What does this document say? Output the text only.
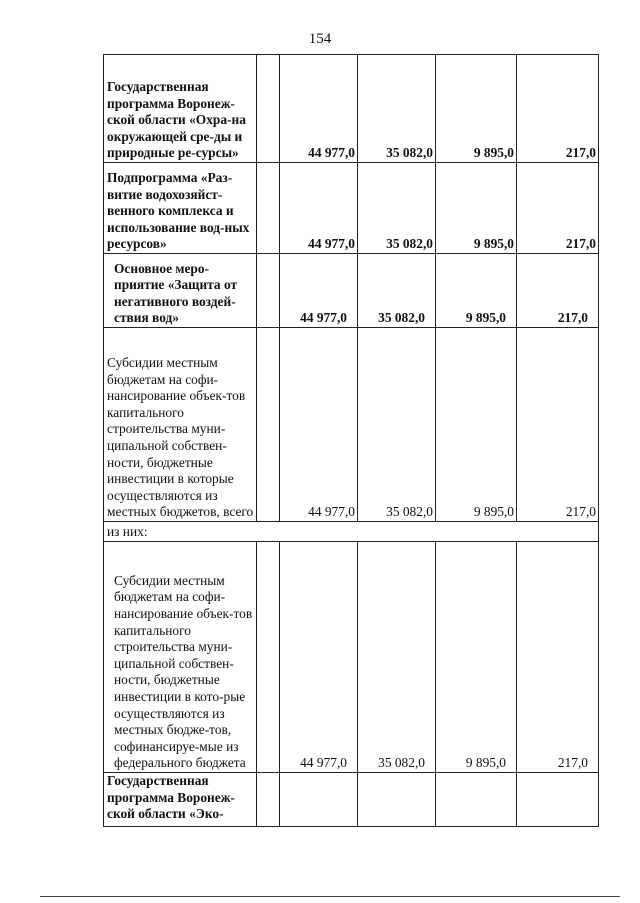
154
Государственная программа Воронеж-ской области «Охра-на окружающей сре-ды и природные ре-сурсы»		44 977,0	35 082,0	9 895,0	217,0
Подпрограмма «Раз-витие водохозяйст-венного комплекса и использование вод-ных ресурсов»		44 977,0	35 082,0	9 895,0	217,0
Основное меро-приятие «Защита от негативного воздей-ствия вод»		44 977,0	35 082,0	9 895,0	217,0
Субсидии местным бюджетам на софи-нансирование объек-тов капитального строительства муни-ципальной собствен-ности, бюджетные инвестиции в которые осуществляются из местных бюджетов, всего		44 977,0	35 082,0	9 895,0	217,0
из них:					
Субсидии местным бюджетам на софи-нансирование объек-тов капитального строительства муни-ципальной собствен-ности, бюджетные инвестиции в кото-рые осуществляются из местных бюдже-тов, софинансируе-мые из федерального бюджета		44 977,0	35 082,0	9 895,0	217,0
Государственная программа Воронеж-ской области «Эко-					
